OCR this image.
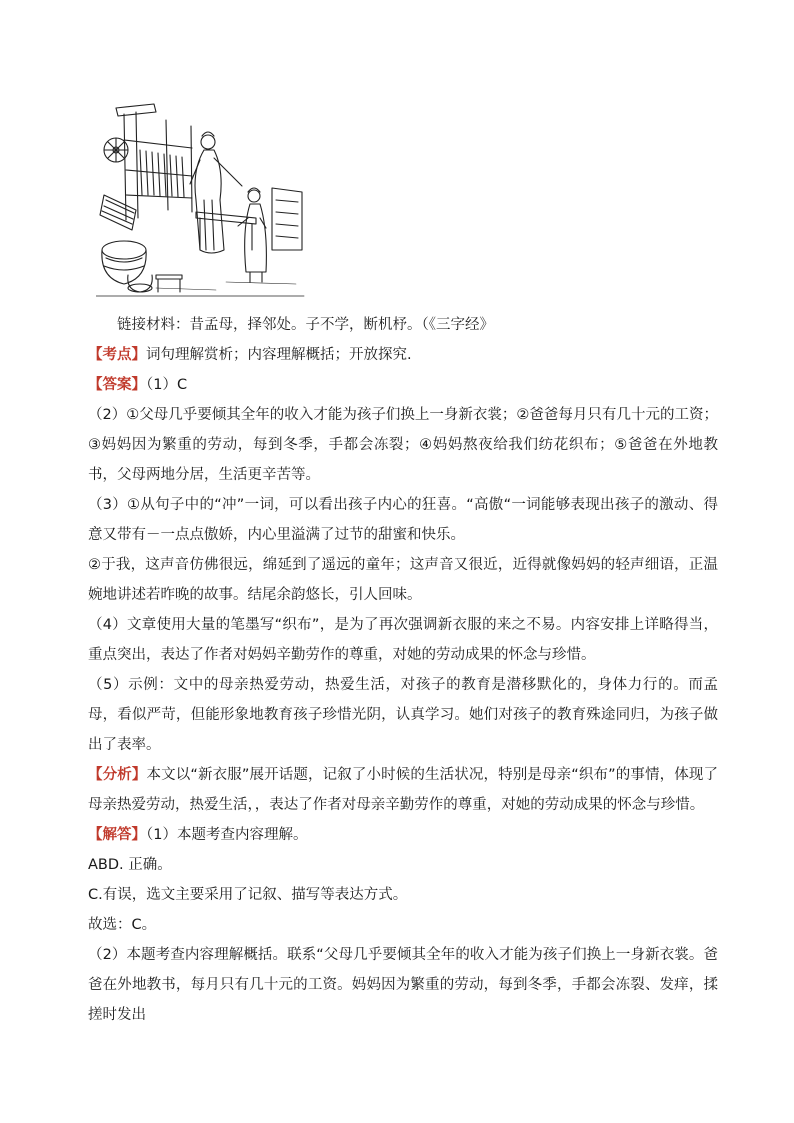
链接材料：昔孟母，择邻处。子不学，断机杼。（《三字经》

【考点】词句理解赏析；内容理解概括；开放探究.

【答案】（1）C

（2）①父母几乎要倾其全年的收入才能为孩子们换上一身新衣裳；②爸爸每月只有几十元的工资；③妈妈因为繁重的劳动，每到冬季，手都会冻裂；④妈妈熬夜给我们纺花织布；⑤爸爸在外地教书，父母两地分居，生活更辛苦等。

（3）①从句子中的“冲”一词，可以看出孩子内心的狂喜。“高傲“一词能够表现出孩子的激动、得意又带有－一点点傲娇，内心里溢满了过节的甜蜜和快乐。

②于我，这声音仿佛很远，绵延到了遥远的童年；这声音又很近，近得就像妈妈的轻声细语，正温婉地讲述若昨晚的故事。结尾余韵悠长，引人回味。

（4）文章使用大量的笔墨写“织布”，是为了再次强调新衣服的来之不易。内容安排上详略得当，重点突出，表达了作者对妈妈辛勤劳作的尊重，对她的劳动成果的怀念与珍惜。

（5）示例：文中的母亲热爱劳动，热爱生活，对孩子的教育是潜移默化的，身体力行的。而孟母，看似严苛，但能形象地教育孩子珍惜光阴，认真学习。她们对孩子的教育殊途同归，为孩子做出了表率。

【分析】本文以“新衣服”展开话题，记叙了小时候的生活状况，特别是母亲“织布”的事情，体现了母亲热爱劳动，热爱生活，，表达了作者对母亲辛勤劳作的尊重，对她的劳动成果的怀念与珍惜。

【解答】（1）本题考查内容理解。

ABD. 正确。

C.有误，选文主要采用了记叙、描写等表达方式。

故选：C。

（2）本题考查内容理解概括。联系“父母几乎要倾其全年的收入才能为孩子们换上一身新衣裳。爸爸在外地教书，每月只有几十元的工资。妈妈因为繁重的劳动，每到冬季，手都会冻裂、发痒，揉搓时发出
